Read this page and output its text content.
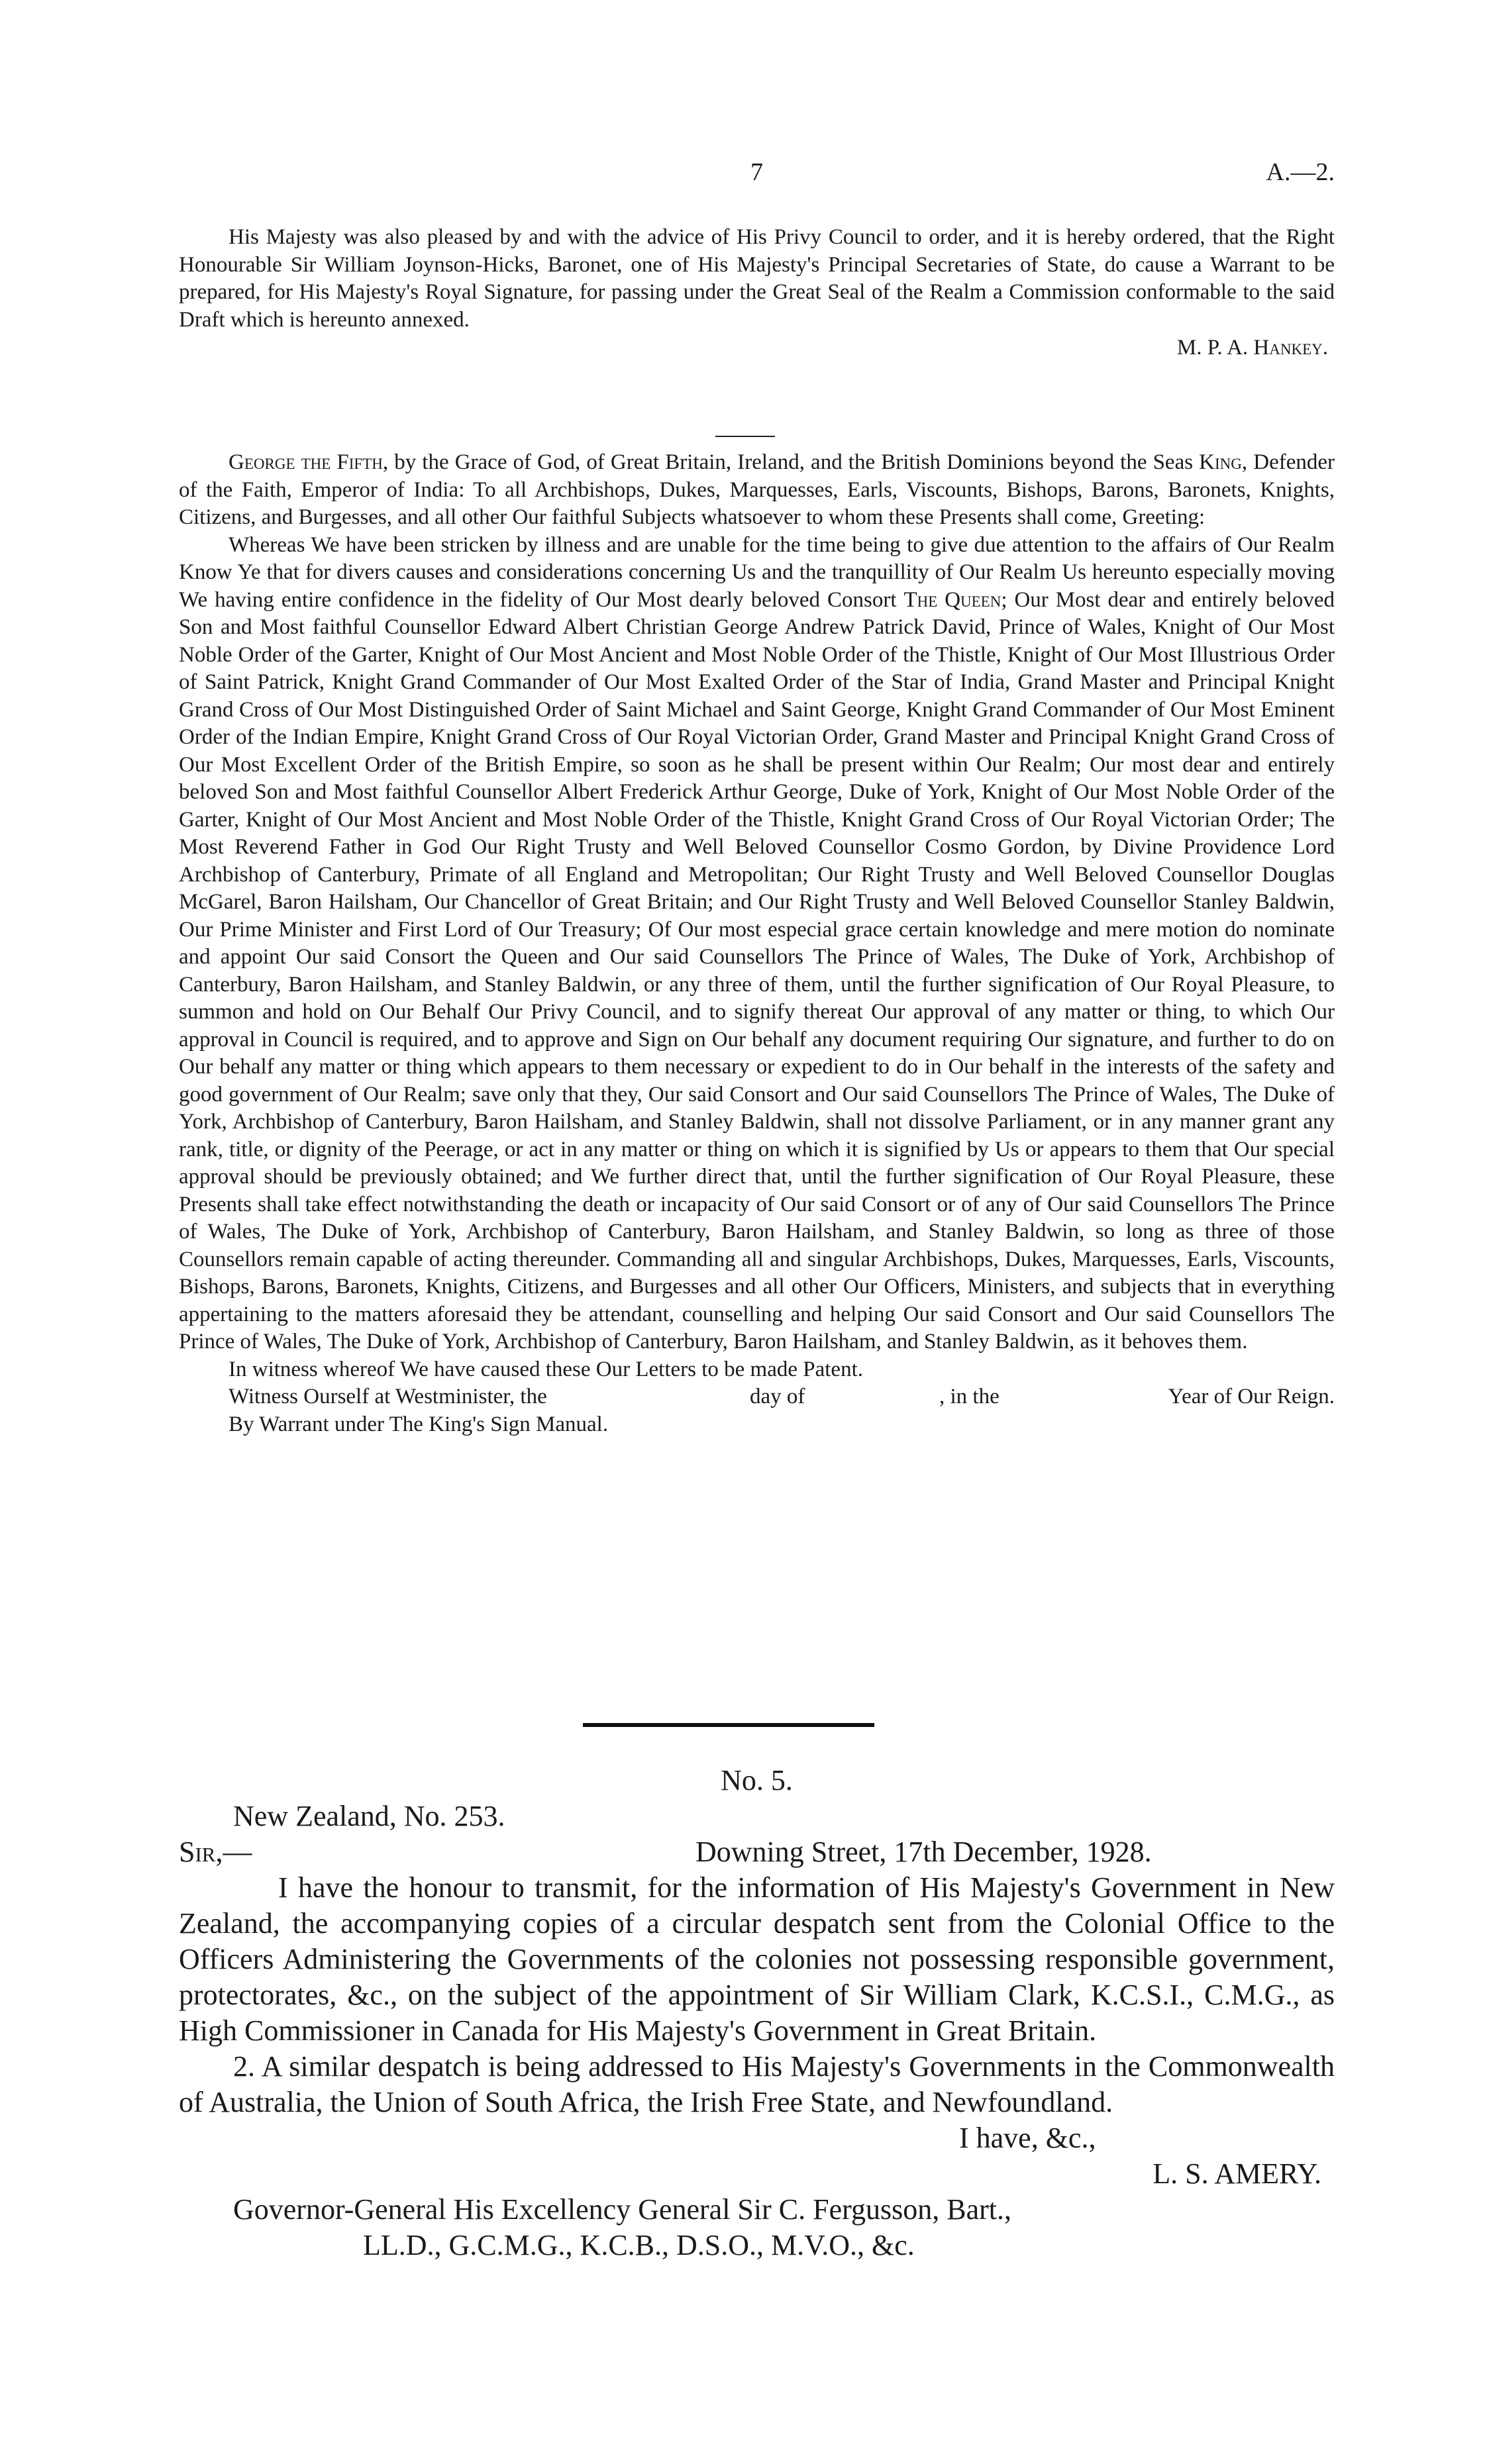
7	A.—2.

His Majesty was also pleased by and with the advice of His Privy Council to order, and it is hereby ordered, that the Right Honourable Sir William Joynson-Hicks, Baronet, one of His Majesty's Principal Secretaries of State, do cause a Warrant to be prepared, for His Majesty's Royal Signature, for passing under the Great Seal of the Realm a Commission conformable to the said Draft which is hereunto annexed.

M. P. A. Hankey.

George the Fifth, by the Grace of God, of Great Britain, Ireland, and the British Dominions beyond the Seas King, Defender of the Faith, Emperor of India: To all Archbishops, Dukes, Marquesses, Earls, Viscounts, Bishops, Barons, Baronets, Knights, Citizens, and Burgesses, and all other Our faithful Subjects whatsoever to whom these Presents shall come, Greeting:

Whereas We have been stricken by illness and are unable for the time being to give due attention to the affairs of Our Realm Know Ye that for divers causes and considerations concerning Us and the tranquillity of Our Realm Us hereunto especially moving We having entire confidence in the fidelity of Our Most dearly beloved Consort The Queen; Our Most dear and entirely beloved Son and Most faithful Counsellor Edward Albert Christian George Andrew Patrick David, Prince of Wales, Knight of Our Most Noble Order of the Garter, Knight of Our Most Ancient and Most Noble Order of the Thistle, Knight of Our Most Illustrious Order of Saint Patrick, Knight Grand Commander of Our Most Exalted Order of the Star of India, Grand Master and Principal Knight Grand Cross of Our Most Distinguished Order of Saint Michael and Saint George, Knight Grand Commander of Our Most Eminent Order of the Indian Empire, Knight Grand Cross of Our Royal Victorian Order, Grand Master and Principal Knight Grand Cross of Our Most Excellent Order of the British Empire, so soon as he shall be present within Our Realm; Our most dear and entirely beloved Son and Most faithful Counsellor Albert Frederick Arthur George, Duke of York, Knight of Our Most Noble Order of the Garter, Knight of Our Most Ancient and Most Noble Order of the Thistle, Knight Grand Cross of Our Royal Victorian Order; The Most Reverend Father in God Our Right Trusty and Well Beloved Counsellor Cosmo Gordon, by Divine Providence Lord Archbishop of Canterbury, Primate of all England and Metropolitan; Our Right Trusty and Well Beloved Counsellor Douglas McGarel, Baron Hailsham, Our Chancellor of Great Britain; and Our Right Trusty and Well Beloved Counsellor Stanley Baldwin, Our Prime Minister and First Lord of Our Treasury; Of Our most especial grace certain knowledge and mere motion do nominate and appoint Our said Consort the Queen and Our said Counsellors The Prince of Wales, The Duke of York, Archbishop of Canterbury, Baron Hailsham, and Stanley Baldwin, or any three of them, until the further signification of Our Royal Pleasure, to summon and hold on Our Behalf Our Privy Council, and to signify thereat Our approval of any matter or thing, to which Our approval in Council is required, and to approve and Sign on Our behalf any document requiring Our signature, and further to do on Our behalf any matter or thing which appears to them necessary or expedient to do in Our behalf in the interests of the safety and good government of Our Realm; save only that they, Our said Consort and Our said Counsellors The Prince of Wales, The Duke of York, Archbishop of Canterbury, Baron Hailsham, and Stanley Baldwin, shall not dissolve Parliament, or in any manner grant any rank, title, or dignity of the Peerage, or act in any matter or thing on which it is signified by Us or appears to them that Our special approval should be previously obtained; and We further direct that, until the further signification of Our Royal Pleasure, these Presents shall take effect notwithstanding the death or incapacity of Our said Consort or of any of Our said Counsellors The Prince of Wales, The Duke of York, Archbishop of Canterbury, Baron Hailsham, and Stanley Baldwin, so long as three of those Counsellors remain capable of acting thereunder. Commanding all and singular Archbishops, Dukes, Marquesses, Earls, Viscounts, Bishops, Barons, Baronets, Knights, Citizens, and Burgesses and all other Our Officers, Ministers, and subjects that in everything appertaining to the matters aforesaid they be attendant, counselling and helping Our said Consort and Our said Counsellors The Prince of Wales, The Duke of York, Archbishop of Canterbury, Baron Hailsham, and Stanley Baldwin, as it behoves them.

In witness whereof We have caused these Our Letters to be made Patent.

Witness Ourself at Westminister, the	day of	, in the	Year of Our Reign.

By Warrant under The King's Sign Manual.

No. 5.
New Zealand, No. 253.
Sir,—	Downing Street, 17th December, 1928.

I have the honour to transmit, for the information of His Majesty's Government in New Zealand, the accompanying copies of a circular despatch sent from the Colonial Office to the Officers Administering the Governments of the colonies not possessing responsible government, protectorates, &c., on the subject of the appointment of Sir William Clark, K.C.S.I., C.M.G., as High Commissioner in Canada for His Majesty's Government in Great Britain.

2. A similar despatch is being addressed to His Majesty's Governments in the Commonwealth of Australia, the Union of South Africa, the Irish Free State, and Newfoundland.

I have, &c.,
L. S. AMERY.
Governor-General His Excellency General Sir C. Fergusson, Bart.,
LL.D., G.C.M.G., K.C.B., D.S.O., M.V.O., &c.
